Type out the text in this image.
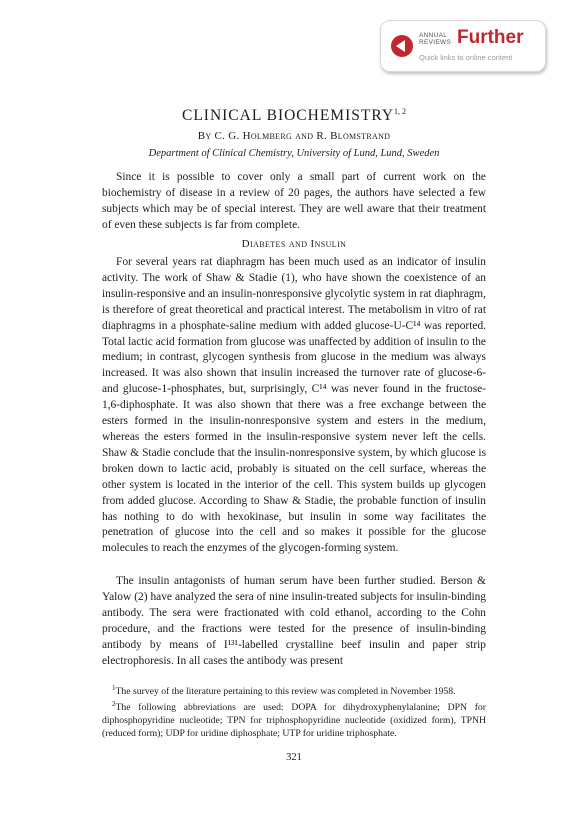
ANNUAL
REVIEWS Further
Quick links to online content
CLINICAL BIOCHEMISTRY$^{1, 2}$
By C. G. Holmberg and R. Blomstrand
Department of Clinical Chemistry, University of Lund, Lund, Sweden

Since it is possible to cover only a small part of current work on the biochemistry of disease in a review of 20 pages, the authors have selected a few subjects which may be of special interest. They are well aware that their treatment of even these subjects is far from complete.

Diabetes and Insulin

For several years rat diaphragm has been much used as an indicator of insulin activity. The work of Shaw & Stadie (1), who have shown the coexistence of an insulin-responsive and an insulin-nonresponsive glycolytic system in rat diaphragm, is therefore of great theoretical and practical interest. The metabolism in vitro of rat diaphragms in a phosphate-saline medium with added glucose-U-C¹⁴ was reported. Total lactic acid formation from glucose was unaffected by addition of insulin to the medium; in contrast, glycogen synthesis from glucose in the medium was always increased. It was also shown that insulin increased the turnover rate of glucose-6- and glucose-1-phosphates, but, surprisingly, C¹⁴ was never found in the fructose-1,6-diphosphate. It was also shown that there was a free exchange between the esters formed in the insulin-nonresponsive system and esters in the medium, whereas the esters formed in the insulin-responsive system never left the cells. Shaw & Stadie conclude that the insulin-nonresponsive system, by which glucose is broken down to lactic acid, probably is situated on the cell surface, whereas the other system is located in the interior of the cell. This system builds up glycogen from added glucose. According to Shaw & Stadie, the probable function of insulin has nothing to do with hexokinase, but insulin in some way facilitates the penetration of glucose into the cell and so makes it possible for the glucose molecules to reach the enzymes of the glycogen-forming system.

The insulin antagonists of human serum have been further studied. Berson & Yalow (2) have analyzed the sera of nine insulin-treated subjects for insulin-binding antibody. The sera were fractionated with cold ethanol, according to the Cohn procedure, and the fractions were tested for the presence of insulin-binding antibody by means of I¹³¹-labelled crystalline beef insulin and paper strip electrophoresis. In all cases the antibody was present

$^1$The survey of the literature pertaining to this review was completed in November 1958.

$^2$The following abbreviations are used: DOPA for dihydroxyphenylalanine; DPN for diphosphopyridine nucleotide; TPN for triphosphopyridine nucleotide (oxidized form), TPNH (reduced form); UDP for uridine diphosphate; UTP for uridine triphosphate.

321
